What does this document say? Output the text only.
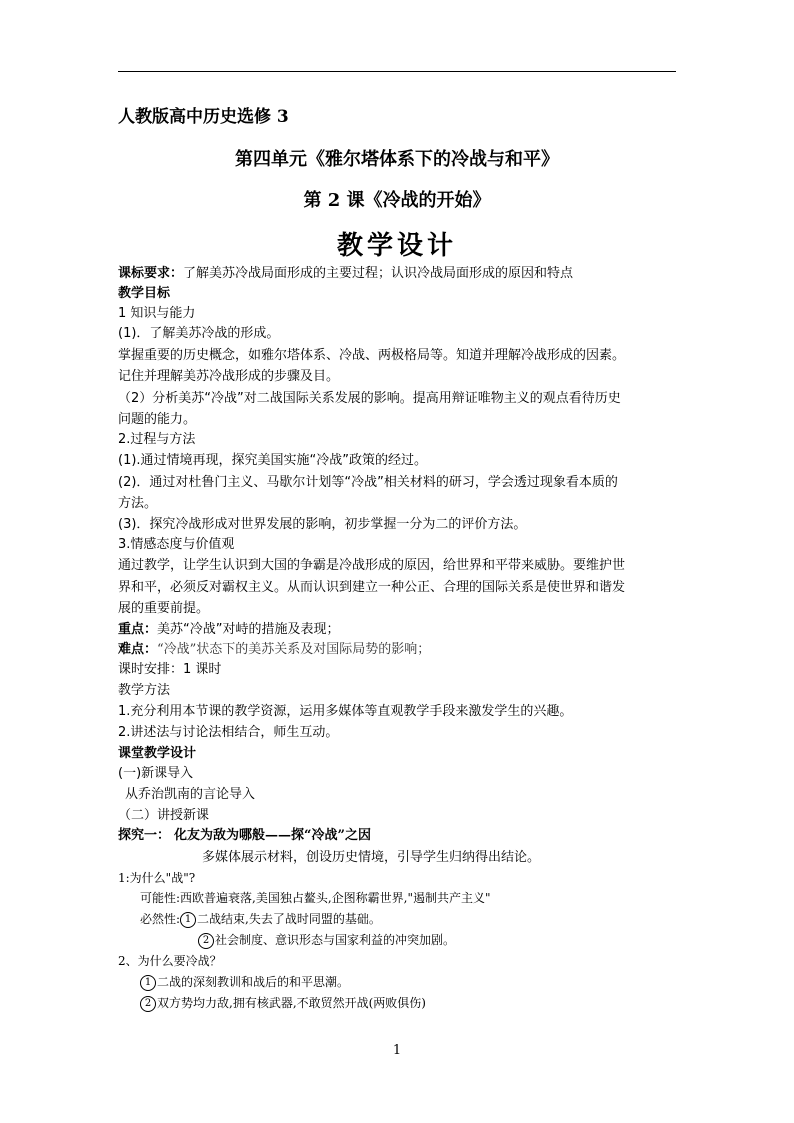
人教版高中历史选修 3
第四单元《雅尔塔体系下的冷战与和平》
第 2 课《冷战的开始》
教学设计
课标要求：了解美苏冷战局面形成的主要过程；认识冷战局面形成的原因和特点
教学目标
1 知识与能力
(1)．了解美苏冷战的形成。
掌握重要的历史概念，如雅尔塔体系、冷战、两极格局等。知道并理解冷战形成的因素。
记住并理解美苏冷战形成的步骤及目。
（2）分析美苏“冷战”对二战国际关系发展的影响。提高用辩证唯物主义的观点看待历史
问题的能力。
2.过程与方法
(1).通过情境再现，探究美国实施“冷战”政策的经过。
(2)．通过对杜鲁门主义、马歇尔计划等“冷战”相关材料的研习，学会透过现象看本质的
方法。
(3)．探究冷战形成对世界发展的影响，初步掌握一分为二的评价方法。
3.情感态度与价值观
通过教学，让学生认识到大国的争霸是冷战形成的原因，给世界和平带来威胁。要维护世
界和平，必须反对霸权主义。从而认识到建立一种公正、合理的国际关系是使世界和谐发
展的重要前提。
重点：美苏“冷战”对峙的措施及表现；
难点：“冷战”状态下的美苏关系及对国际局势的影响；
课时安排：1 课时
教学方法
1.充分利用本节课的教学资源，运用多媒体等直观教学手段来激发学生的兴趣。
2.讲述法与讨论法相结合，师生互动。
课堂教学设计
(一)新课导入
从乔治凯南的言论导入
（二）讲授新课
探究一： 化友为敌为哪般——探“冷战”之因
多媒体展示材料，创设历史情境，引导学生归纳得出结论。
1:为什么"战"?
可能性:西欧普遍衰落,美国独占鳌头,企图称霸世界,"遏制共产主义"
必然性: 1 二战结束,失去了战时同盟的基础。
2 社会制度、意识形态与国家利益的冲突加剧。
2、为什么要冷战？
1 二战的深刻教训和战后的和平思潮。
2 双方势均力敌,拥有核武器,不敢贸然开战(两败俱伤)
1
